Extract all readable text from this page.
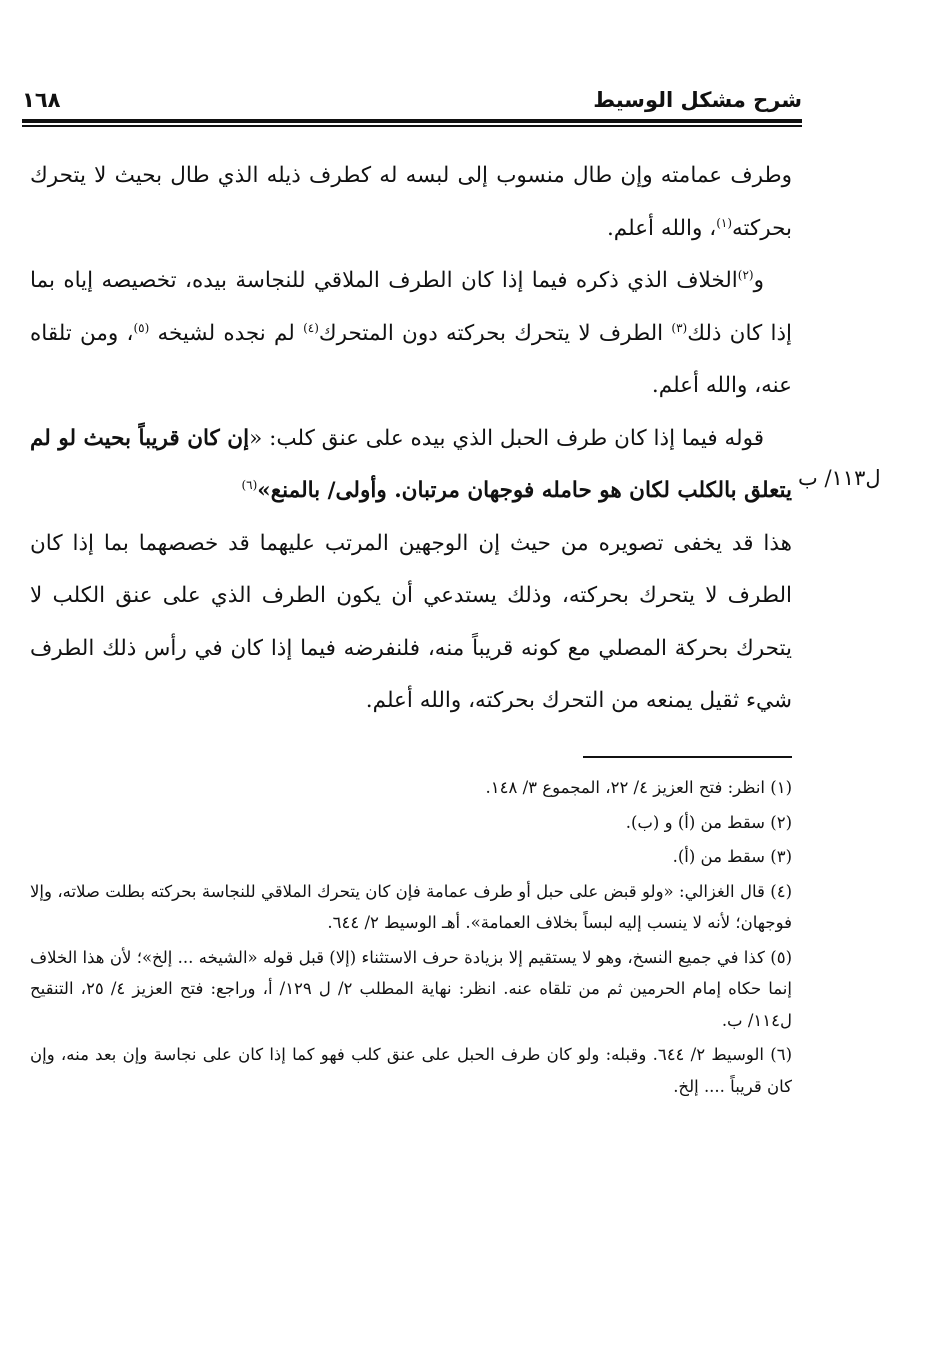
شرح مشكل الوسيط
١٦٨

وطرف عمامته وإن طال منسوب إلى لبسه له كطرف ذيله الذي طال بحيث لا يتحرك بحركته$^{(١)}$، والله أعلم.

و$^{(٢)}$الخلاف الذي ذكره فيما إذا كان الطرف الملاقي للنجاسة بيده، تخصيصه إياه بما إذا كان ذلك$^{(٣)}$ الطرف لا يتحرك بحركته دون المتحرك$^{(٤)}$ لم نجده لشيخه $^{(٥)}$، ومن تلقاه عنه، والله أعلم.

قوله فيما إذا كان طرف الحبل الذي بيده على عنق كلب: «إن كان قريباً بحيث لو لم يتعلق بالكلب لكان هو حامله فوجهان مرتبان. وأولى/ بالمنع»$^{(٦)}$

هذا قد يخفى تصويره من حيث إن الوجهين المرتب عليهما قد خصصهما بما إذا كان الطرف لا يتحرك بحركته، وذلك يستدعي أن يكون الطرف الذي على عنق الكلب لا يتحرك بحركة المصلي مع كونه قريباً منه، فلنفرضه فيما إذا كان في رأس ذلك الطرف شيء ثقيل يمنعه من التحرك بحركته، والله أعلم.

ل١١٣/ ب

(١) انظر: فتح العزيز ٤/ ٢٢، المجموع ٣/ ١٤٨.

(٢) سقط من (أ) و (ب).

(٣) سقط من (أ).

(٤) قال الغزالي: «ولو قبض على حبل أو طرف عمامة فإن كان يتحرك الملاقي للنجاسة بحركته بطلت صلاته، وإلا فوجهان؛ لأنه لا ينسب إليه لبساً بخلاف العمامة». أهـ الوسيط ٢/ ٦٤٤.

(٥) كذا في جميع النسخ، وهو لا يستقيم إلا بزيادة حرف الاستثناء (إلا) قبل قوله «الشيخه ... إلخ»؛ لأن هذا الخلاف إنما حكاه إمام الحرمين ثم من تلقاه عنه. انظر: نهاية المطلب ٢/ ل ١٢٩/ أ، وراجع: فتح العزيز ٤/ ٢٥، التنقيح ل١١٤/ ب.

(٦) الوسيط ٢/ ٦٤٤. وقبله: ولو كان طرف الحبل على عنق كلب فهو كما إذا كان على نجاسة وإن بعد منه، وإن كان قريباً .... إلخ.
